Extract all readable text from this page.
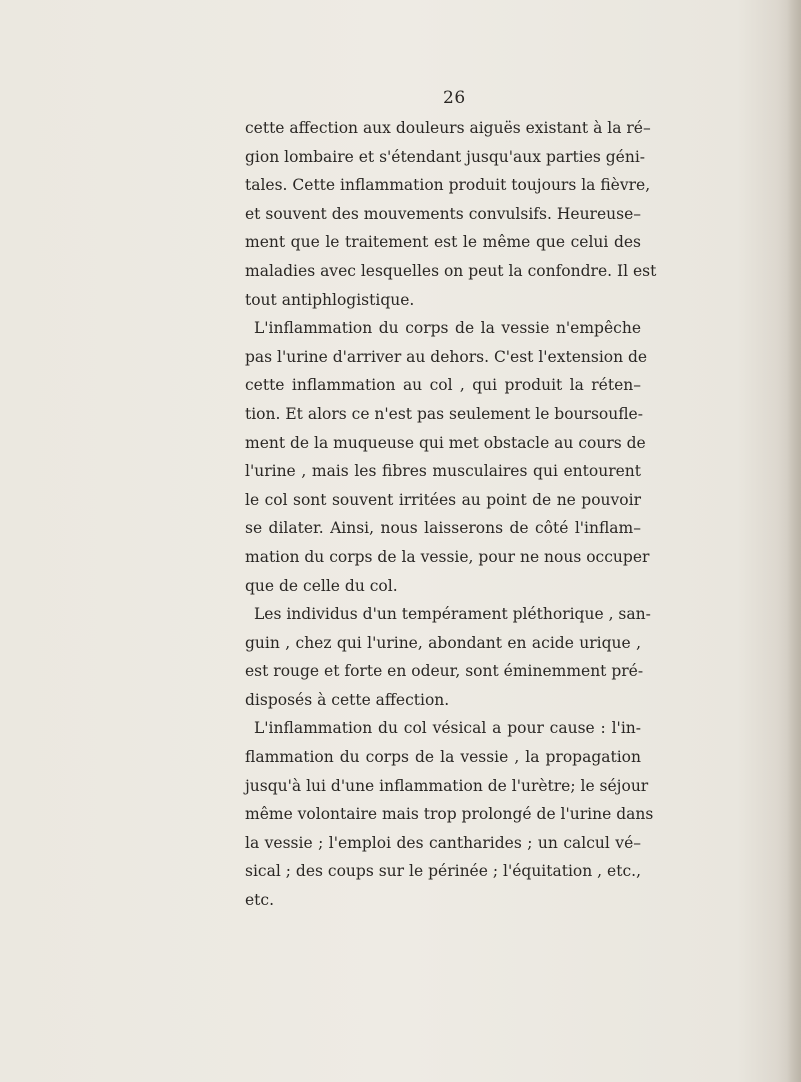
26
cette affection aux douleurs aiguës existant à la ré–
gion lombaire et s'étendant jusqu'aux parties géni-
tales. Cette inflammation produit toujours la fièvre,
et souvent des mouvements convulsifs. Heureuse–
ment que le traitement est le même que celui des
maladies avec lesquelles on peut la confondre. Il est
tout antiphlogistique.
L'inflammation du corps de la vessie n'empêche
pas l'urine d'arriver au dehors. C'est l'extension de
cette inflammation au col , qui produit la réten–
tion. Et alors ce n'est pas seulement le boursoufle-
ment de la muqueuse qui met obstacle au cours de
l'urine , mais les fibres musculaires qui entourent
le col sont souvent irritées au point de ne pouvoir
se dilater. Ainsi, nous laisserons de côté l'inflam–
mation du corps de la vessie, pour ne nous occuper
que de celle du col.
Les individus d'un tempérament pléthorique , san-
guin , chez qui l'urine, abondant en acide urique ,
est rouge et forte en odeur, sont éminemment pré-
disposés à cette affection.
L'inflammation du col vésical a pour cause : l'in-
flammation du corps de la vessie , la propagation
jusqu'à lui d'une inflammation de l'urètre; le séjour
même volontaire mais trop prolongé de l'urine dans
la vessie ; l'emploi des cantharides ; un calcul vé–
sical ; des coups sur le périnée ; l'équitation , etc.,
etc.
